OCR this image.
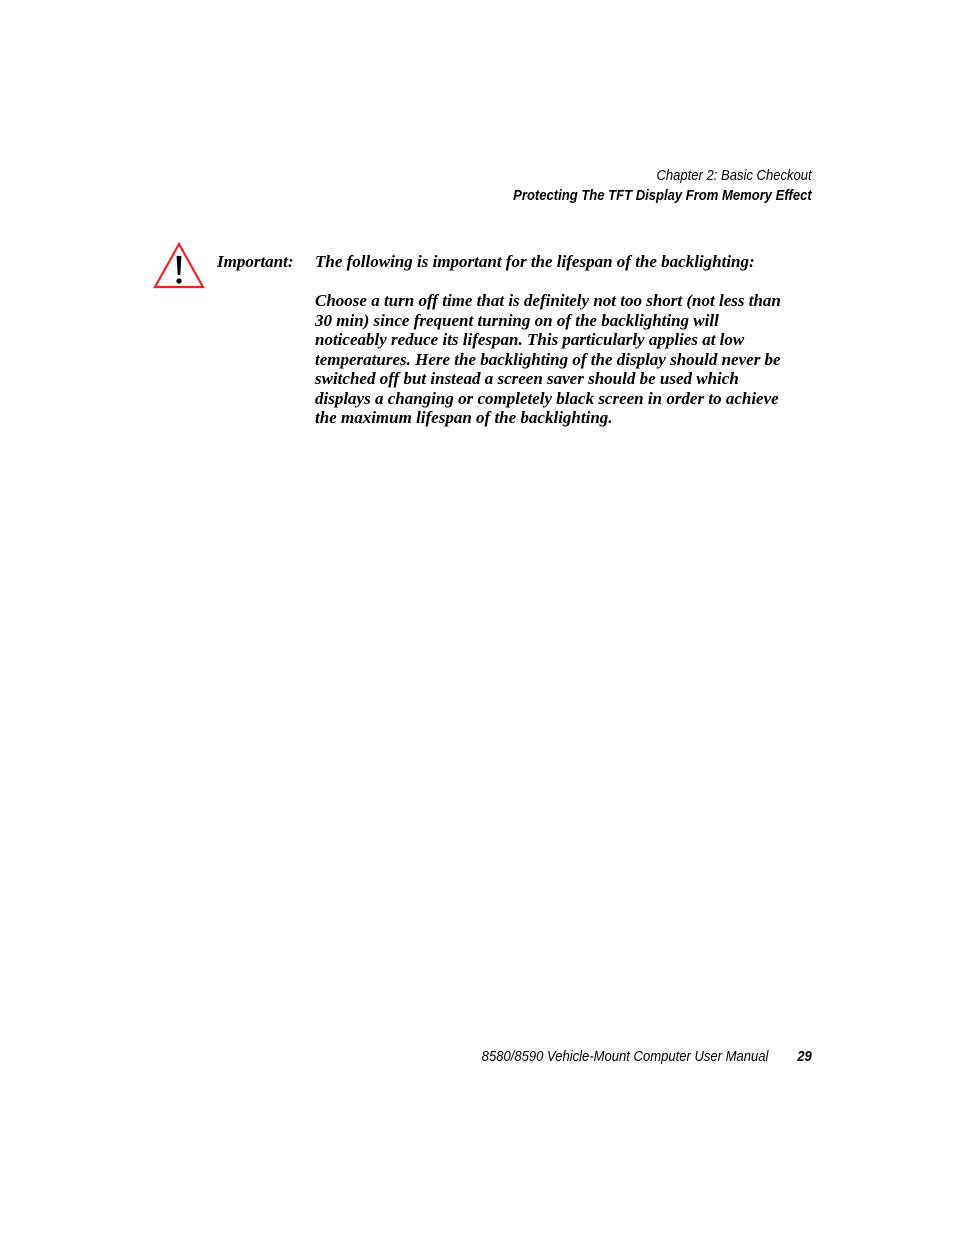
Chapter 2: Basic Checkout
Protecting The TFT Display From Memory Effect
Important: The following is important for the lifespan of the backlighting:

Choose a turn off time that is definitely not too short (not less than 30 min) since frequent turning on of the backlighting will noticeably reduce its lifespan. This particularly applies at low temperatures. Here the backlighting of the display should never be switched off but instead a screen saver should be used which displays a changing or completely black screen in order to achieve the maximum lifespan of the backlighting.

8580/8590 Vehicle-Mount Computer User Manual 29
